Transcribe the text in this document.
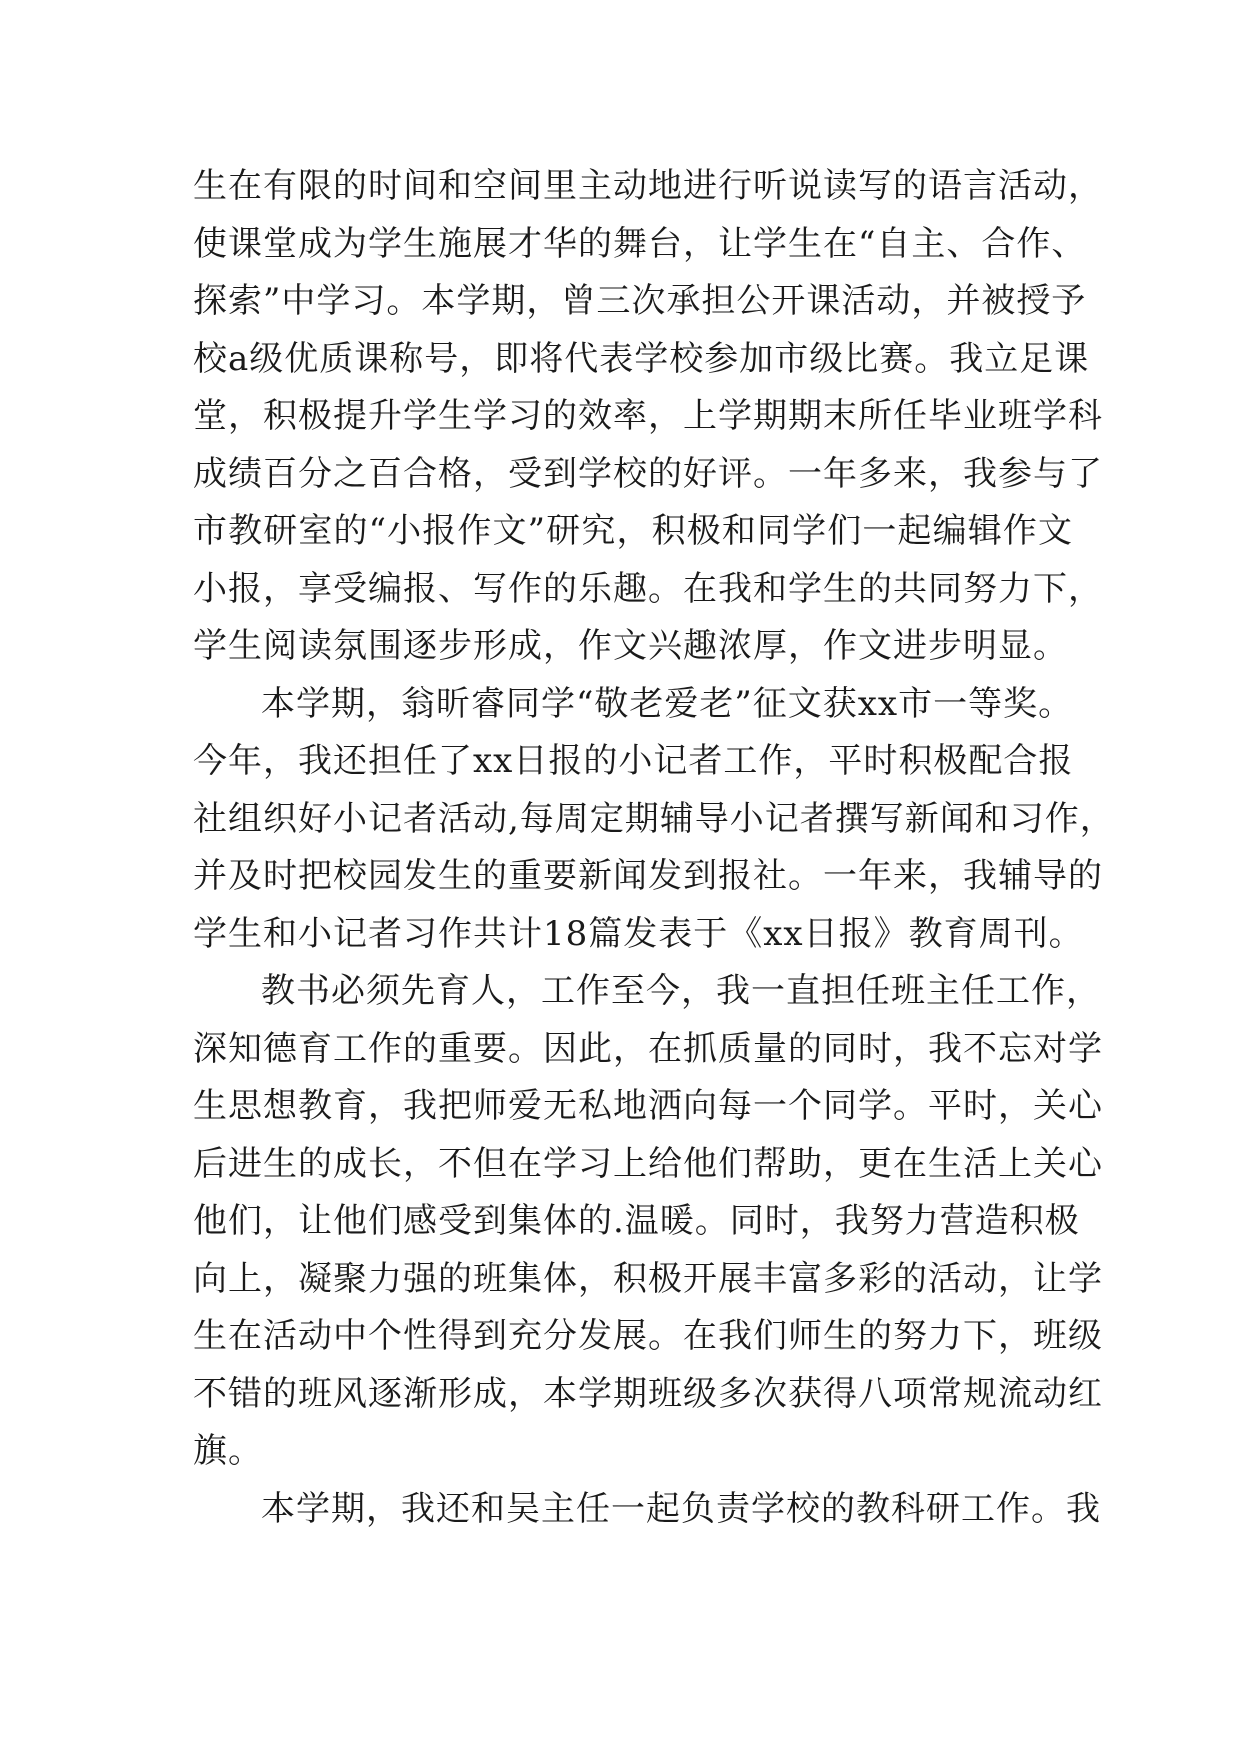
生在有限的时间和空间里主动地进行听说读写的语言活动，
使课堂成为学生施展才华的舞台，让学生在“自主、合作、
探索”中学习。本学期，曾三次承担公开课活动，并被授予
校a级优质课称号，即将代表学校参加市级比赛。我立足课
堂，积极提升学生学习的效率，上学期期末所任毕业班学科
成绩百分之百合格，受到学校的好评。一年多来，我参与了
市教研室的“小报作文”研究，积极和同学们一起编辑作文
小报，享受编报、写作的乐趣。在我和学生的共同努力下，
学生阅读氛围逐步形成，作文兴趣浓厚，作文进步明显。
本学期，翁昕睿同学“敬老爱老”征文获xx市一等奖。
今年，我还担任了xx日报的小记者工作，平时积极配合报
社组织好小记者活动,每周定期辅导小记者撰写新闻和习作，
并及时把校园发生的重要新闻发到报社。一年来，我辅导的
学生和小记者习作共计18篇发表于《xx日报》教育周刊。
教书必须先育人，工作至今，我一直担任班主任工作，
深知德育工作的重要。因此，在抓质量的同时，我不忘对学
生思想教育，我把师爱无私地洒向每一个同学。平时，关心
后进生的成长，不但在学习上给他们帮助，更在生活上关心
他们，让他们感受到集体的.温暖。同时，我努力营造积极
向上，凝聚力强的班集体，积极开展丰富多彩的活动，让学
生在活动中个性得到充分发展。在我们师生的努力下，班级
不错的班风逐渐形成，本学期班级多次获得八项常规流动红
旗。
本学期，我还和吴主任一起负责学校的教科研工作。我
